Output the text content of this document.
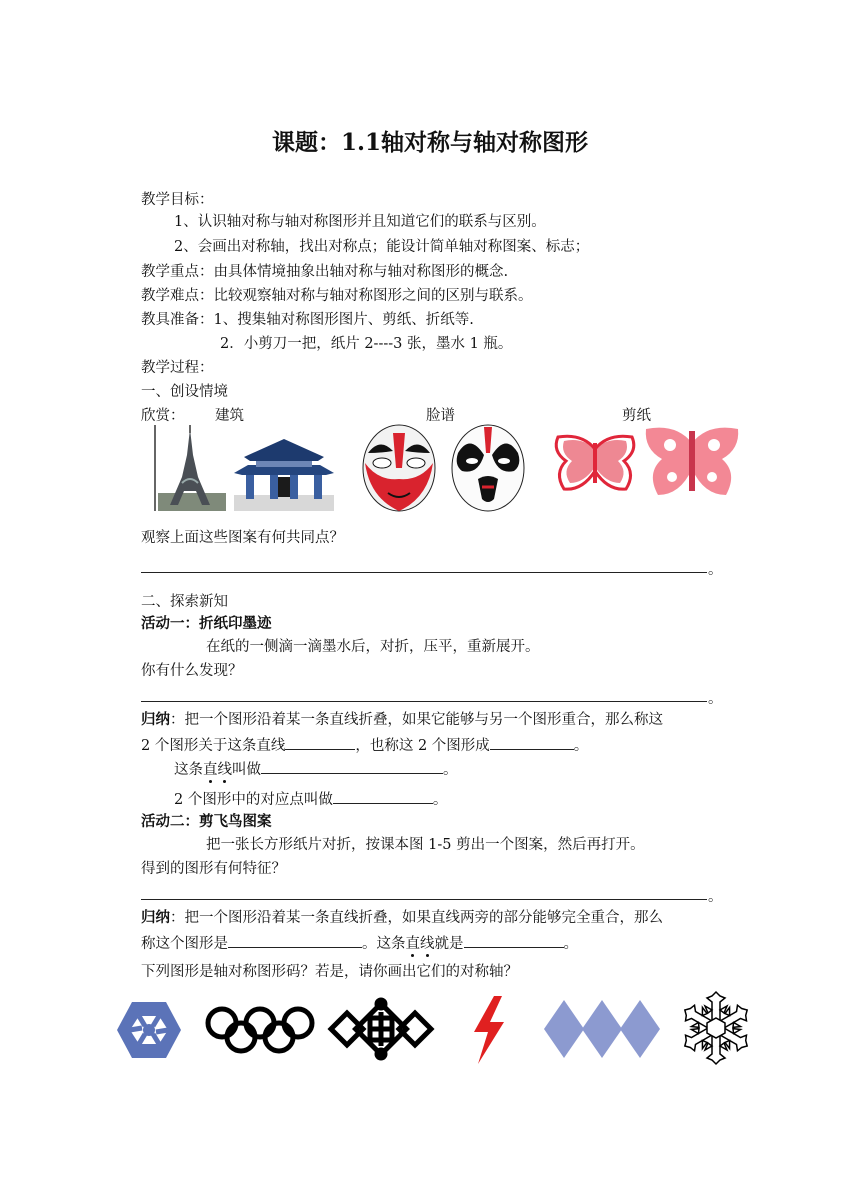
课题：1.1轴对称与轴对称图形
教学目标：
1、认识轴对称与轴对称图形并且知道它们的联系与区别。
2、会画出对称轴，找出对称点；能设计简单轴对称图案、标志；
教学重点：由具体情境抽象出轴对称与轴对称图形的概念.
教学难点：比较观察轴对称与轴对称图形之间的区别与联系。
教具准备：1、搜集轴对称图形图片、剪纸、折纸等.
2．小剪刀一把，纸片 2----3 张，墨水 1 瓶。
教学过程：
一、创设情境
欣赏： 建筑	脸谱	剪纸
观察上面这些图案有何共同点？
。
二、探索新知
活动一：折纸印墨迹
在纸的一侧滴一滴墨水后，对折，压平，重新展开。
你有什么发现？
。
归纳：把一个图形沿着某一条直线折叠，如果它能够与另一个图形重合，那么称这
2 个图形关于这条直线	，也称这 2 个图形成	。
这条直线叫做	。
2 个图形中的对应点叫做	。
活动二：剪飞鸟图案
把一张长方形纸片对折，按课本图 1-5 剪出一个图案，然后再打开。
得到的图形有何特征？
。
归纳：把一个图形沿着某一条直线折叠，如果直线两旁的部分能够完全重合，那么
称这个图形是	。这条直线就是	。
下列图形是轴对称图形码？若是，请你画出它们的对称轴？
